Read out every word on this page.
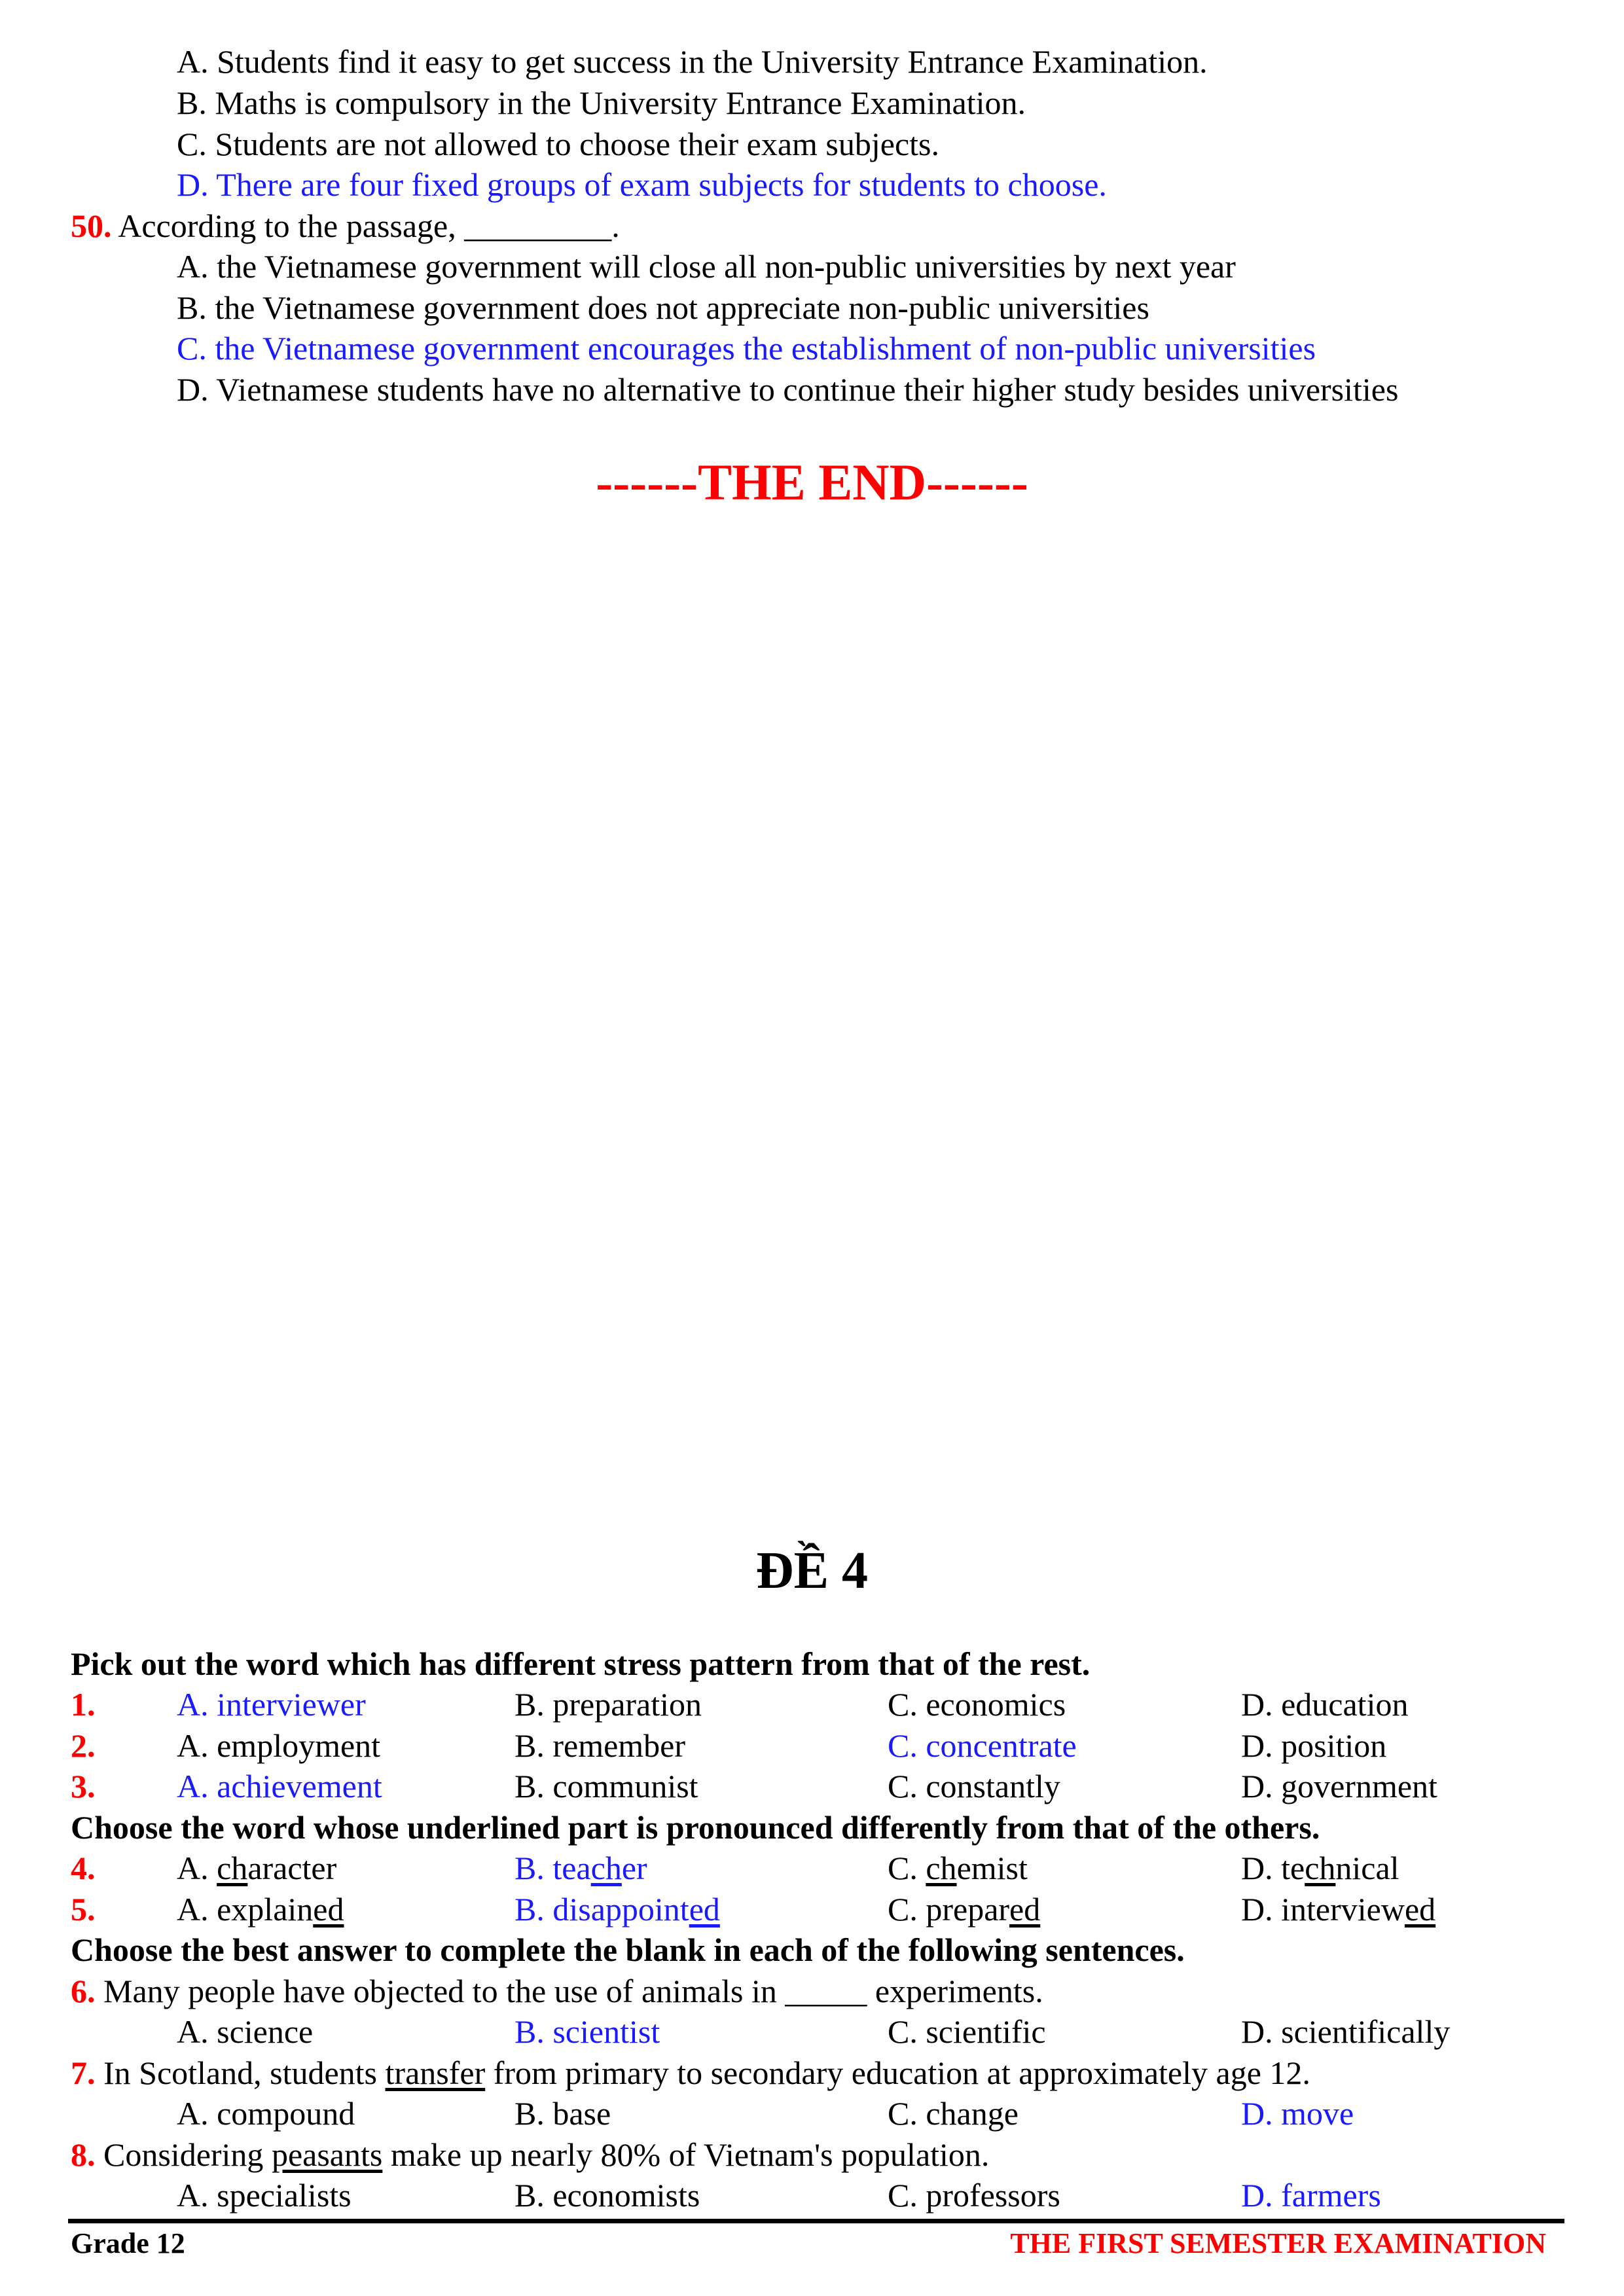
A. Students find it easy to get success in the University Entrance Examination.
B. Maths is compulsory in the University Entrance Examination.
C. Students are not allowed to choose their exam subjects.
D. There are four fixed groups of exam subjects for students to choose.
50. According to the passage, _________.
A. the Vietnamese government will close all non-public universities by next year
B. the Vietnamese government does not appreciate non-public universities
C. the Vietnamese government encourages the establishment of non-public universities
D. Vietnamese students have no alternative to continue their higher study besides universities
------THE END------
ĐỀ 4
Pick out the word which has different stress pattern from that of the rest.
1. A. interviewer	B. preparation	C. economics	D. education
2. A. employment	B. remember	C. concentrate	D. position
3. A. achievement	B. communist	C. constantly	D. government
Choose the word whose underlined part is pronounced differently from that of the others.
4. A. character	B. teacher	C. chemist	D. technical
5. A. explained	B. disappointed	C. prepared	D. interviewed
Choose the best answer to complete the blank in each of the following sentences.
6. Many people have objected to the use of animals in _____ experiments.
A. science	B. scientist	C. scientific	D. scientifically
7. In Scotland, students transfer from primary to secondary education at approximately age 12.
A. compound	B. base	C. change	D. move
8. Considering peasants make up nearly 80% of Vietnam's population.
A. specialists	B. economists	C. professors	D. farmers
Grade 12	THE FIRST SEMESTER EXAMINATION
